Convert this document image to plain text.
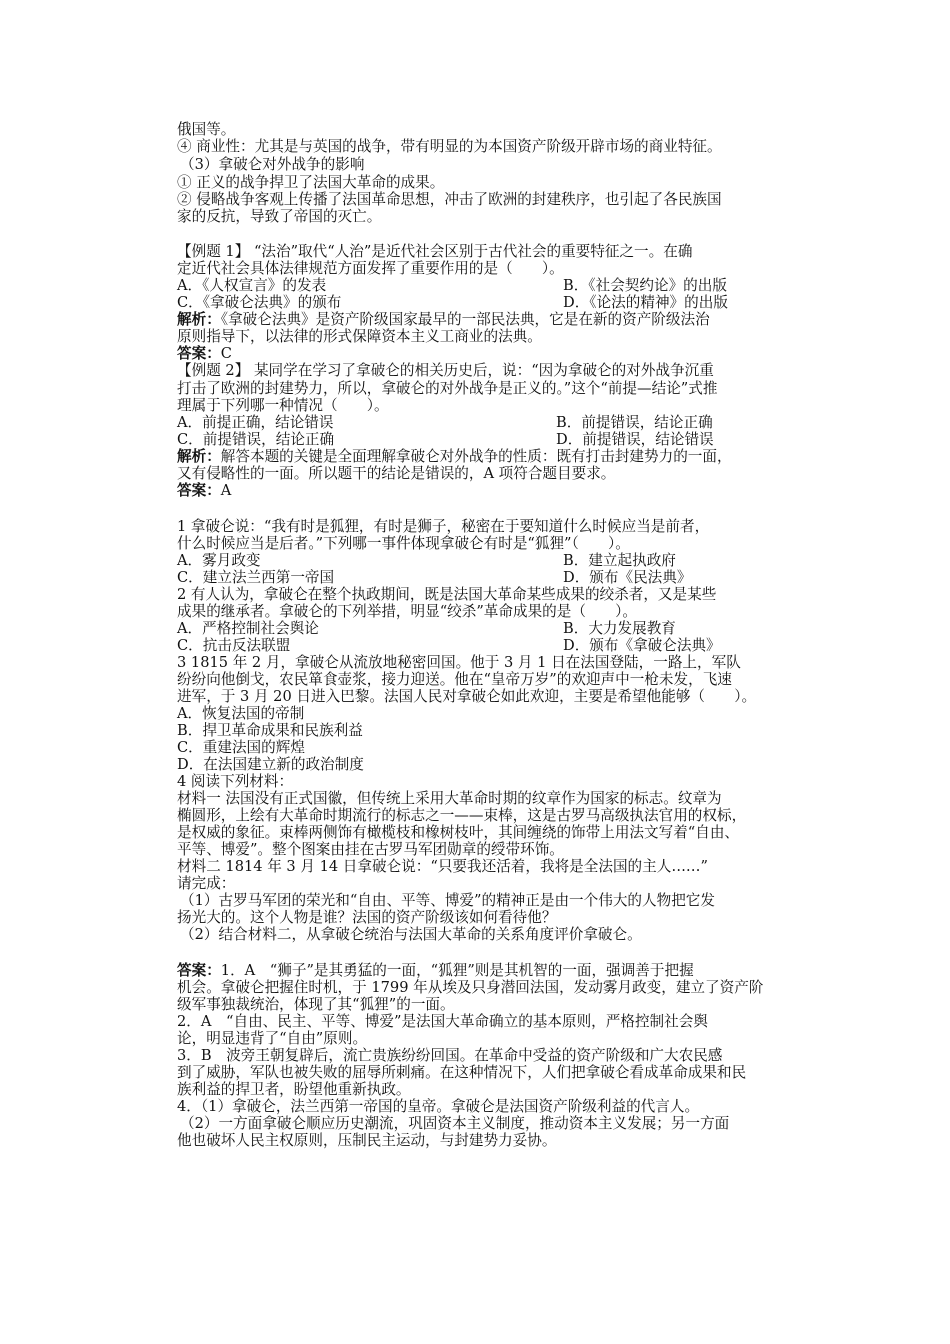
俄国等。
④ 商业性：尤其是与英国的战争，带有明显的为本国资产阶级开辟市场的商业特征。
（3）拿破仑对外战争的影响
① 正义的战争捍卫了法国大革命的成果。
② 侵略战争客观上传播了法国革命思想，冲击了欧洲的封建秩序，也引起了各民族国
家的反抗，导致了帝国的灭亡。
【例题 1】 “法治”取代“人治”是近代社会区别于古代社会的重要特征之一。在确
定近代社会具体法律规范方面发挥了重要作用的是（　　）。
A．《人权宣言》的发表	B．《社会契约论》的出版
C．《拿破仑法典》的颁布	D．《论法的精神》的出版
解析：《拿破仑法典》是资产阶级国家最早的一部民法典，它是在新的资产阶级法治
原则指导下，以法律的形式保障资本主义工商业的法典。
答案：C
【例题 2】 某同学在学习了拿破仑的相关历史后，说：“因为拿破仑的对外战争沉重
打击了欧洲的封建势力，所以，拿破仑的对外战争是正义的。”这个“前提—结论”式推
理属于下列哪一种情况（　　）。
A．前提正确，结论错误	B．前提错误，结论正确
C．前提错误，结论正确	D．前提错误，结论错误
解析：解答本题的关键是全面理解拿破仑对外战争的性质：既有打击封建势力的一面，
又有侵略性的一面。所以题干的结论是错误的，A 项符合题目要求。
答案：A
1 拿破仑说：“我有时是狐狸，有时是狮子，秘密在于要知道什么时候应当是前者，
什么时候应当是后者。”下列哪一事件体现拿破仑有时是“狐狸”（　　）。
A．雾月政变	B．建立起执政府
C．建立法兰西第一帝国	D．颁布《民法典》
2 有人认为，拿破仑在整个执政期间，既是法国大革命某些成果的绞杀者，又是某些
成果的继承者。拿破仑的下列举措，明显“绞杀”革命成果的是（　　）。
A．严格控制社会舆论	B．大力发展教育
C．抗击反法联盟	D．颁布《拿破仑法典》
3 1815 年 2 月，拿破仑从流放地秘密回国。他于 3 月 1 日在法国登陆，一路上，军队
纷纷向他倒戈，农民箪食壶浆，接力迎送。他在“皇帝万岁”的欢迎声中一枪未发，飞速
进军，于 3 月 20 日进入巴黎。法国人民对拿破仑如此欢迎，主要是希望他能够（　　）。
A．恢复法国的帝制
B．捍卫革命成果和民族利益
C．重建法国的辉煌
D．在法国建立新的政治制度
4 阅读下列材料：
材料一 法国没有正式国徽，但传统上采用大革命时期的纹章作为国家的标志。纹章为
椭圆形，上绘有大革命时期流行的标志之一——束棒，这是古罗马高级执法官用的权标，
是权威的象征。束棒两侧饰有橄榄枝和橡树枝叶，其间缠绕的饰带上用法文写着“自由、
平等、博爱”。整个图案由挂在古罗马军团勋章的绶带环饰。
材料二 1814 年 3 月 14 日拿破仑说：“只要我还活着，我将是全法国的主人……”
请完成：
（1）古罗马军团的荣光和“自由、平等、博爱”的精神正是由一个伟大的人物把它发
扬光大的。这个人物是谁？法国的资产阶级该如何看待他？
（2）结合材料二，从拿破仑统治与法国大革命的关系角度评价拿破仑。
答案：1．A　“狮子”是其勇猛的一面，“狐狸”则是其机智的一面，强调善于把握
机会。拿破仑把握住时机，于 1799 年从埃及只身潜回法国，发动雾月政变，建立了资产阶
级军事独裁统治，体现了其“狐狸”的一面。
2．A　“自由、民主、平等、博爱”是法国大革命确立的基本原则，严格控制社会舆
论，明显违背了“自由”原则。
3．B　波旁王朝复辟后，流亡贵族纷纷回国。在革命中受益的资产阶级和广大农民感
到了威胁，军队也被失败的屈辱所刺痛。在这种情况下，人们把拿破仑看成革命成果和民
族利益的捍卫者，盼望他重新执政。
4．（1）拿破仑，法兰西第一帝国的皇帝。拿破仑是法国资产阶级利益的代言人。
（2）一方面拿破仑顺应历史潮流，巩固资本主义制度，推动资本主义发展；另一方面
他也破坏人民主权原则，压制民主运动，与封建势力妥协。
